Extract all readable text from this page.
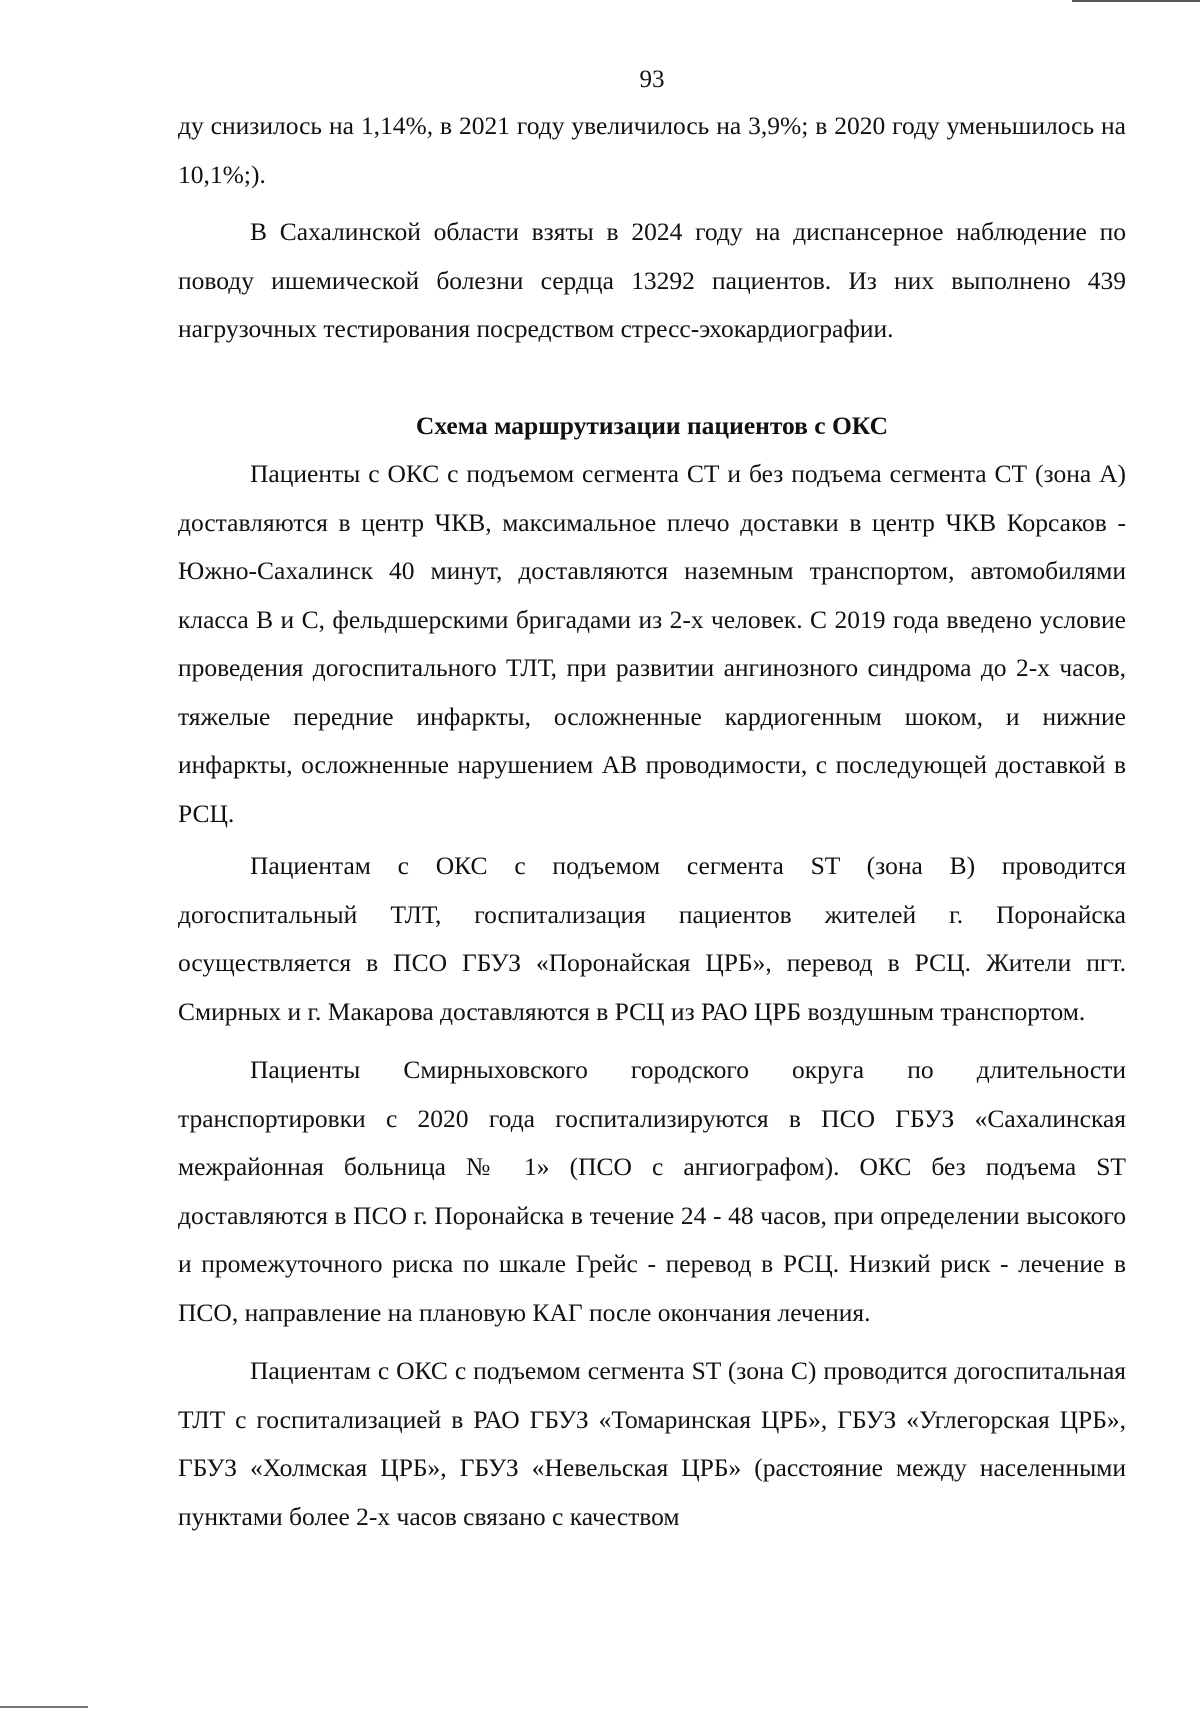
93

ду снизилось на 1,14%, в 2021 году увеличилось на 3,9%; в 2020 году уменьшилось на 10,1%;).

В Сахалинской области взяты в 2024 году на диспансерное наблюдение по поводу ишемической болезни сердца 13292 пациентов. Из них выполнено 439 нагрузочных тестирования посредством стресс-эхокардиографии.

Схема маршрутизации пациентов с ОКС

Пациенты с ОКС с подъемом сегмента СТ и без подъема сегмента СТ (зона А) доставляются в центр ЧКВ, максимальное плечо доставки в центр ЧКВ Корсаков - Южно-Сахалинск 40 минут, доставляются наземным транспортом, автомобилями класса В и С, фельдшерскими бригадами из 2-х человек. С 2019 года введено условие проведения догоспитального ТЛТ, при развитии ангинозного синдрома до 2-х часов, тяжелые передние инфаркты, осложненные кардиогенным шоком, и нижние инфаркты, осложненные нарушением АВ проводимости, с последующей доставкой в РСЦ.

Пациентам с ОКС с подъемом сегмента ST (зона В) проводится догоспитальный ТЛТ, госпитализация пациентов жителей г. Поронайска осуществляется в ПСО ГБУЗ «Поронайская ЦРБ», перевод в РСЦ. Жители пгт. Смирных и г. Макарова доставляются в РСЦ из РАО ЦРБ воздушным транспортом.

Пациенты Смирныховского городского округа по длительности транспортировки с 2020 года госпитализируются в ПСО ГБУЗ «Сахалинская межрайонная больница № 1» (ПСО с ангиографом). ОКС без подъема ST доставляются в ПСО г. Поронайска в течение 24 - 48 часов, при определении высокого и промежуточного риска по шкале Грейс - перевод в РСЦ. Низкий риск - лечение в ПСО, направление на плановую КАГ после окончания лечения.

Пациентам с ОКС с подъемом сегмента ST (зона С) проводится догоспитальная ТЛТ с госпитализацией в РАО ГБУЗ «Томаринская ЦРБ», ГБУЗ «Углегорская ЦРБ», ГБУЗ «Холмская ЦРБ», ГБУЗ «Невельская ЦРБ» (расстояние между населенными пунктами более 2-х часов связано с качеством
